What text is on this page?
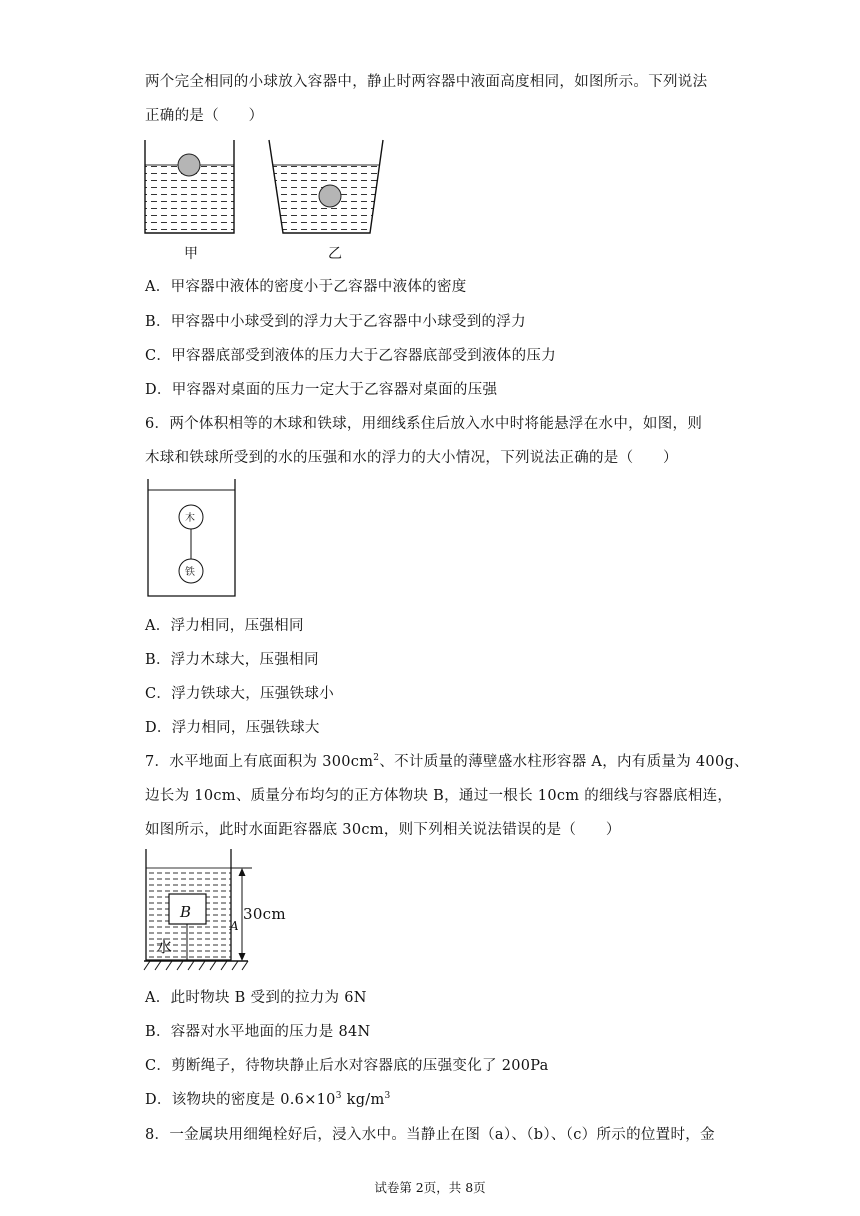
两个完全相同的小球放入容器中，静止时两容器中液面高度相同，如图所示。下列说法
正确的是（　　）
甲	乙
A．甲容器中液体的密度小于乙容器中液体的密度
B．甲容器中小球受到的浮力大于乙容器中小球受到的浮力
C．甲容器底部受到液体的压力大于乙容器底部受到液体的压力
D．甲容器对桌面的压力一定大于乙容器对桌面的压强
6．两个体积相等的木球和铁球，用细线系住后放入水中时将能悬浮在水中，如图，则
木球和铁球所受到的水的压强和水的浮力的大小情况，下列说法正确的是（　　）
木
铁
A．浮力相同，压强相同
B．浮力木球大，压强相同
C．浮力铁球大，压强铁球小
D．浮力相同，压强铁球大
7．水平地面上有底面积为 $300cm^2$、不计质量的薄壁盛水柱形容器 A，内有质量为 400g、
边长为 10cm、质量分布均匀的正方体物块 B，通过一根长 10cm 的细线与容器底相连，
如图所示，此时水面距容器底 30cm，则下列相关说法错误的是（　　）
B
水
A
30cm
A．此时物块 B 受到的拉力为 6N
B．容器对水平地面的压力是 84N
C．剪断绳子，待物块静止后水对容器底的压强变化了 200Pa
D．该物块的密度是 $0.6\times 10^3$ $kg/m^3$
8．一金属块用细绳栓好后，浸入水中。当静止在图（a）、（b）、（c）所示的位置时，金
试卷第 2页，共 8页
